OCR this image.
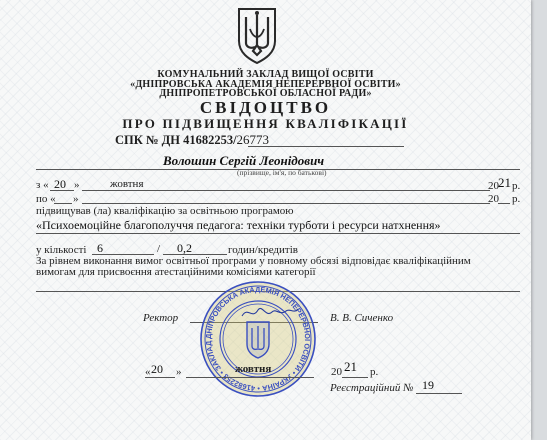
КОМУНАЛЬНИЙ ЗАКЛАД ВИЩОЇ ОСВІТИ
«ДНІПРОВСЬКА АКАДЕМІЯ НЕПЕРЕРВНОЇ ОСВІТИ»
ДНІПРОПЕТРОВСЬКОЇ ОБЛАСНОЇ РАДИ»
СВІДОЦТВО
ПРО ПІДВИЩЕННЯ КВАЛІФІКАЦІЇ
СПК № ДН 41682253/26773
Волошин Сергій Леонідович
(прізвище, ім'я, по батькові)
з « 20 »	жовтня	20 21 р.
по « »	20 р.
підвищував (ла) кваліфікацію за освітньою програмою
«Психоемоційне благополуччя педагога: техніки турботи і ресурси натхнення»
у кількості 6	/ 0,2	годин/кредитів
За рівнем виконання вимог освітньої програми у повному обсязі відповідає кваліфікаційним
вимогам для присвоєння атестаційними комісіями категорії
Ректор	В. В. Сиченко
ДНІПРОВСЬКА АКАДЕМІЯ НЕПЕРЕРВНОЇ ОСВІТИ • УКРАЇНА • 41682253 • ЗАКЛАД
« 20 »	жовтня	20 21 р.
Реєстраційний № 19
